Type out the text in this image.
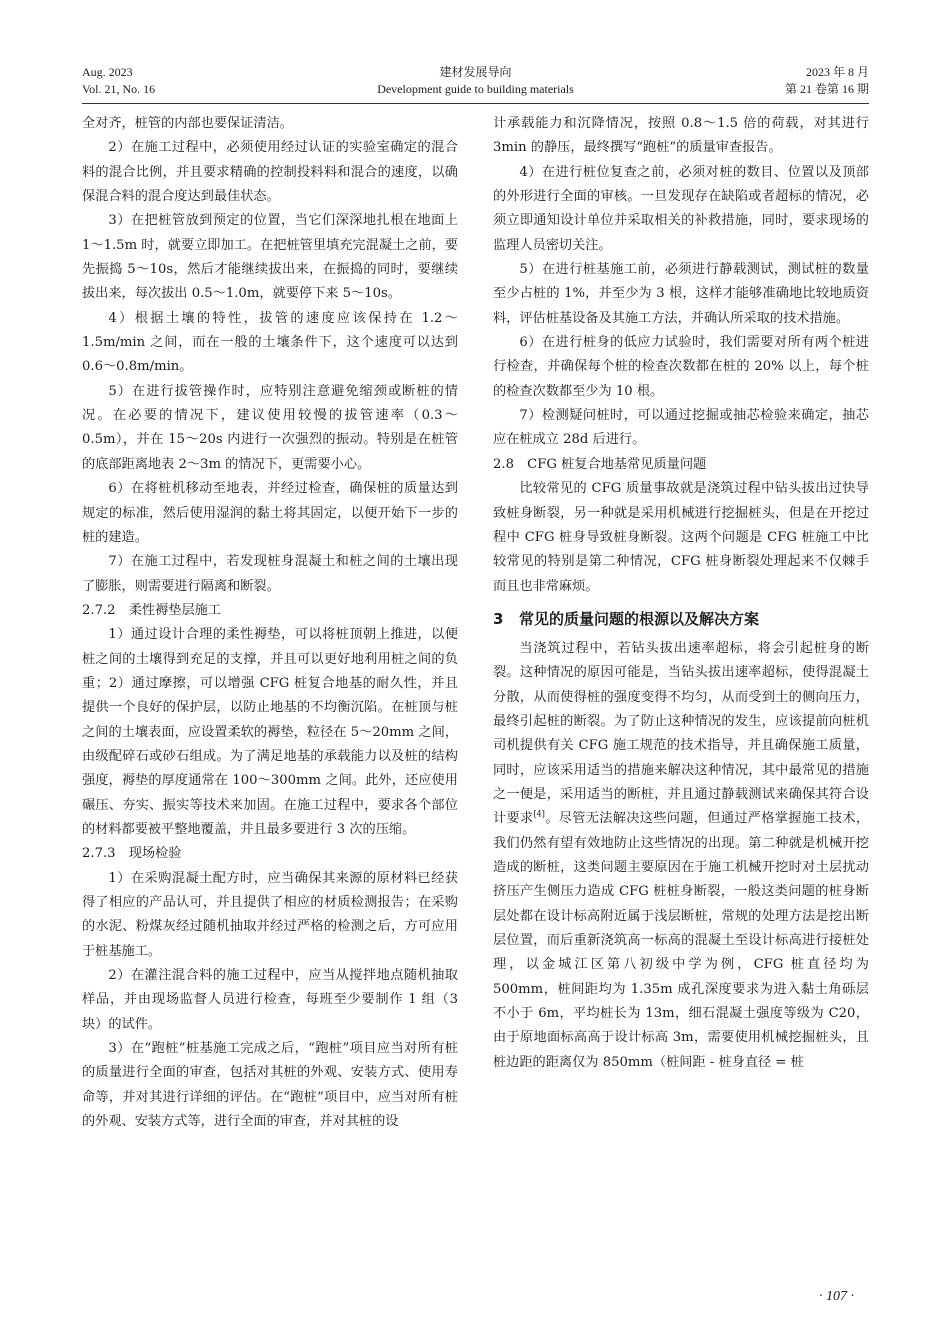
Aug. 2023
Vol. 21, No. 16
建材发展导向
Development guide to building materials
2023 年 8 月
第 21 卷第 16 期

全对齐，桩管的内部也要保证清洁。

2）在施工过程中，必须使用经过认证的实验室确定的混合料的混合比例，并且要求精确的控制投料料和混合的速度，以确保混合料的混合度达到最佳状态。

3）在把桩管放到预定的位置，当它们深深地扎根在地面上 1～1.5m 时，就要立即加工。在把桩管里填充完混凝土之前，要先振捣 5～10s，然后才能继续拔出来，在振捣的同时，要继续拔出来，每次拔出 0.5～1.0m，就要停下来 5～10s。

4）根据土壤的特性，拔管的速度应该保持在 1.2～1.5m/min 之间，而在一般的土壤条件下，这个速度可以达到 0.6～0.8m/min。

5）在进行拔管操作时，应特别注意避免缩颈或断桩的情况。在必要的情况下，建议使用较慢的拔管速率（0.3～0.5m），并在 15～20s 内进行一次强烈的振动。特别是在桩管的底部距离地表 2～3m 的情况下，更需要小心。

6）在将桩机移动至地表，并经过检查，确保桩的质量达到规定的标准，然后使用湿润的黏土将其固定，以便开始下一步的桩的建造。

7）在施工过程中，若发现桩身混凝土和桩之间的土壤出现了膨胀，则需要进行隔离和断裂。

2.7.2　柔性褥垫层施工

1）通过设计合理的柔性褥垫，可以将桩顶朝上推进，以便桩之间的土壤得到充足的支撑，并且可以更好地利用桩之间的负重；2）通过摩擦，可以增强 CFG 桩复合地基的耐久性，并且提供一个良好的保护层，以防止地基的不均衡沉陷。在桩顶与桩之间的土壤表面，应设置柔软的褥垫，粒径在 5～20mm 之间，由级配碎石或砂石组成。为了满足地基的承载能力以及桩的结构强度，褥垫的厚度通常在 100～300mm 之间。此外，还应使用碾压、夯实、振实等技术来加固。在施工过程中，要求各个部位的材料都要被平整地覆盖，并且最多要进行 3 次的压缩。

2.7.3　现场检验

1）在采购混凝土配方时，应当确保其来源的原材料已经获得了相应的产品认可，并且提供了相应的材质检测报告；在采购的水泥、粉煤灰经过随机抽取并经过严格的检测之后，方可应用于桩基施工。

2）在灌注混合料的施工过程中，应当从搅拌地点随机抽取样品，并由现场监督人员进行检查，每班至少要制作 1 组（3 块）的试件。

3）在“跑桩”桩基施工完成之后，“跑桩”项目应当对所有桩的质量进行全面的审查，包括对其桩的外观、安装方式、使用寿命等，并对其进行详细的评估。在“跑桩”项目中，应当对所有桩的外观、安装方式等，进行全面的审查，并对其桩的设

计承载能力和沉降情况，按照 0.8～1.5 倍的荷载，对其进行 3min 的静压，最终撰写“跑桩”的质量审查报告。

4）在进行桩位复查之前，必须对桩的数目、位置以及顶部的外形进行全面的审核。一旦发现存在缺陷或者超标的情况，必须立即通知设计单位并采取相关的补救措施，同时，要求现场的监理人员密切关注。

5）在进行桩基施工前，必须进行静载测试，测试桩的数量至少占桩的 1%，并至少为 3 根，这样才能够准确地比较地质资料，评估桩基设备及其施工方法，并确认所采取的技术措施。

6）在进行桩身的低应力试验时，我们需要对所有两个桩进行检查，并确保每个桩的检查次数都在桩的 20% 以上，每个桩的检查次数都至少为 10 根。

7）检测疑问桩时，可以通过挖掘或抽芯检验来确定，抽芯应在桩成立 28d 后进行。

2.8　CFG 桩复合地基常见质量问题

比较常见的 CFG 质量事故就是浇筑过程中钻头拔出过快导致桩身断裂，另一种就是采用机械进行挖掘桩头，但是在开挖过程中 CFG 桩身导致桩身断裂。这两个问题是 CFG 桩施工中比较常见的特别是第二种情况，CFG 桩身断裂处理起来不仅棘手而且也非常麻烦。

3 常见的质量问题的根源以及解决方案

当浇筑过程中，若钻头拔出速率超标，将会引起桩身的断裂。这种情况的原因可能是，当钻头拔出速率超标，使得混凝土分散，从而使得桩的强度变得不均匀，从而受到土的侧向压力，最终引起桩的断裂。为了防止这种情况的发生，应该提前向桩机司机提供有关 CFG 施工规范的技术指导，并且确保施工质量，同时，应该采用适当的措施来解决这种情况，其中最常见的措施之一便是，采用适当的断桩，并且通过静载测试来确保其符合设计要求[4]。尽管无法解决这些问题，但通过严格掌握施工技术，我们仍然有望有效地防止这些情况的出现。第二种就是机械开挖造成的断桩，这类问题主要原因在于施工机械开挖时对土层扰动挤压产生侧压力造成 CFG 桩桩身断裂，一般这类问题的桩身断层处都在设计标高附近属于浅层断桩，常规的处理方法是挖出断层位置，而后重新浇筑高一标高的混凝土至设计标高进行接桩处理，以金城江区第八初级中学为例，CFG 桩直径均为 500mm，桩间距均为 1.35m 成孔深度要求为进入黏土角砾层不小于 6m，平均桩长为 13m，细石混凝土强度等级为 C20，由于原地面标高高于设计标高 3m，需要使用机械挖掘桩头，且桩边距的距离仅为 850mm（桩间距 - 桩身直径 = 桩

· 107 ·
